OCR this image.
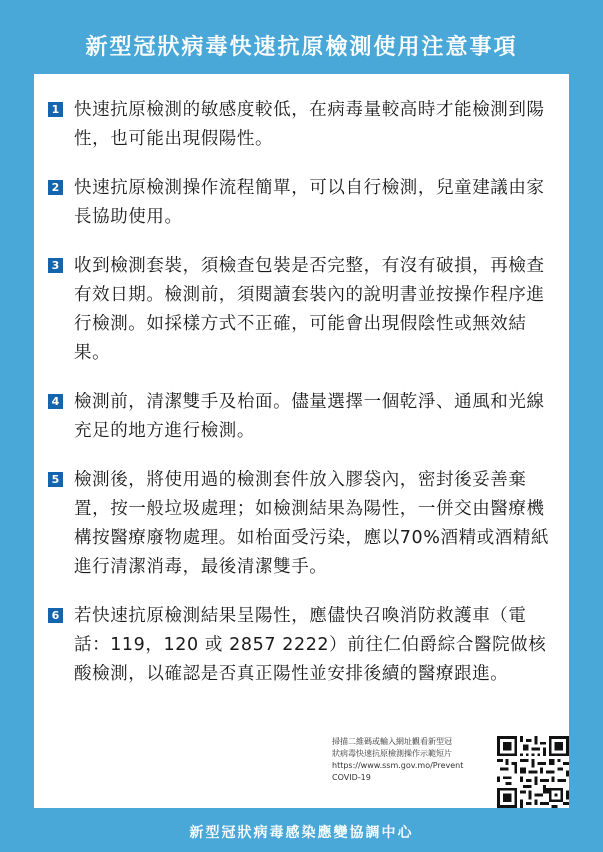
新型冠狀病毒快速抗原檢測使用注意事項
1 快速抗原檢測的敏感度較低，在病毒量較高時才能檢測到陽性，也可能出現假陽性。

2 快速抗原檢測操作流程簡單，可以自行檢測，兒童建議由家長協助使用。

3 收到檢測套裝，須檢查包裝是否完整，有沒有破損，再檢查有效日期。檢測前，須閱讀套裝內的說明書並按操作程序進行檢測。如採樣方式不正確，可能會出現假陰性或無效結果。

4 檢測前，清潔雙手及枱面。儘量選擇一個乾淨、通風和光線充足的地方進行檢測。

5 檢測後，將使用過的檢測套件放入膠袋內，密封後妥善棄置，按一般垃圾處理；如檢測結果為陽性，一併交由醫療機構按醫療廢物處理。如枱面受污染，應以70%酒精或酒精紙進行清潔消毒，最後清潔雙手。

6 若快速抗原檢測結果呈陽性，應儘快召喚消防救護車（電話：119，120 或 2857 2222）前往仁伯爵綜合醫院做核酸檢測，以確認是否真正陽性並安排後續的醫療跟進。

掃描二維碼或輸入網址觀看新型冠
狀病毒快速抗原檢測操作示範短片
https://www.ssm.gov.mo/Prevent
COVID-19
新型冠狀病毒感染應變協調中心
